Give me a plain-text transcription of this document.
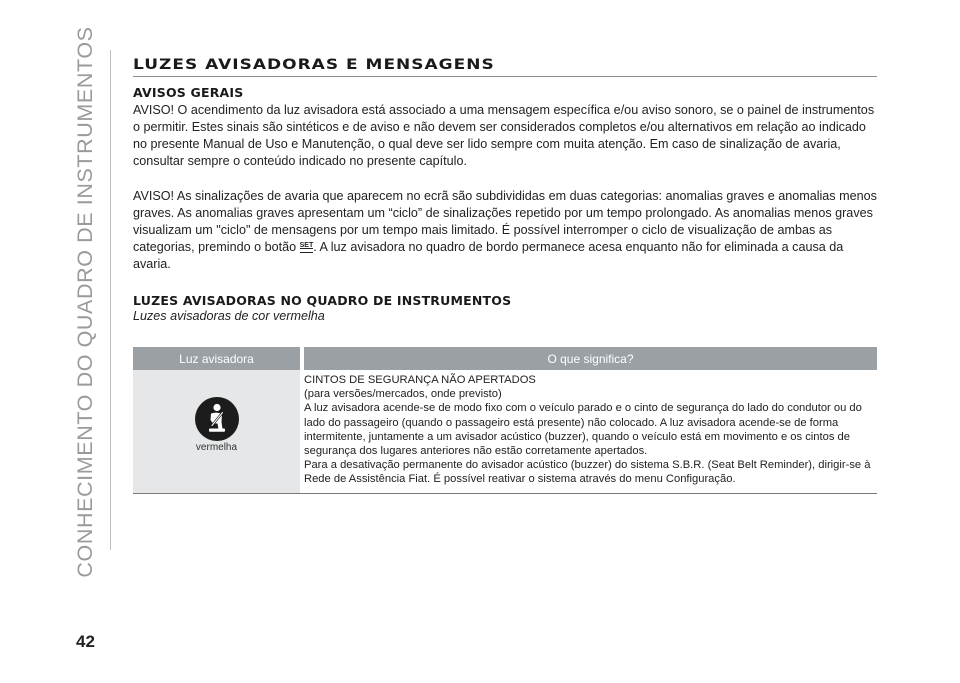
CONHECIMENTO DO QUADRO DE INSTRUMENTOS
42
LUZES AVISADORAS E MENSAGENS
AVISOS GERAIS

AVISO! O acendimento da luz avisadora está associado a uma mensagem específica e/ou aviso sonoro, se o painel de instrumentos o permitir. Estes sinais são sintéticos e de aviso e não devem ser considerados completos e/ou alternativos em relação ao indicado no presente Manual de Uso e Manutenção, o qual deve ser lido sempre com muita atenção. Em caso de sinalização de avaria, consultar sempre o conteúdo indicado no presente capítulo.

AVISO! As sinalizações de avaria que aparecem no ecrã são subdivididas em duas categorias: anomalias graves e anomalias menos graves. As anomalias graves apresentam um “ciclo” de sinalizações repetido por um tempo prolongado. As anomalias menos graves visualizam um "ciclo" de mensagens por um tempo mais limitado. É possível interromper o ciclo de visualização de ambas as categorias, premindo o botão SET. A luz avisadora no quadro de bordo permanece acesa enquanto não for eliminada a causa da avaria.

LUZES AVISADORAS NO QUADRO DE INSTRUMENTOS
Luzes avisadoras de cor vermelha
Luz avisadora		O que significa?

vermelha		CINTOS DE SEGURANÇA NÃO APERTADOS
(para versões/mercados, onde previsto)
A luz avisadora acende-se de modo fixo com o veículo parado e o cinto de segurança do lado do condutor ou do lado do passageiro (quando o passageiro está presente) não colocado. A luz avisadora acende-se de forma intermitente, juntamente a um avisador acústico (buzzer), quando o veículo está em movimento e os cintos de segurança dos lugares anteriores não estão corretamente apertados.
Para a desativação permanente do avisador acústico (buzzer) do sistema S.B.R. (Seat Belt Reminder), dirigir-se à Rede de Assistência Fiat. É possível reativar o sistema através do menu Configuração.
